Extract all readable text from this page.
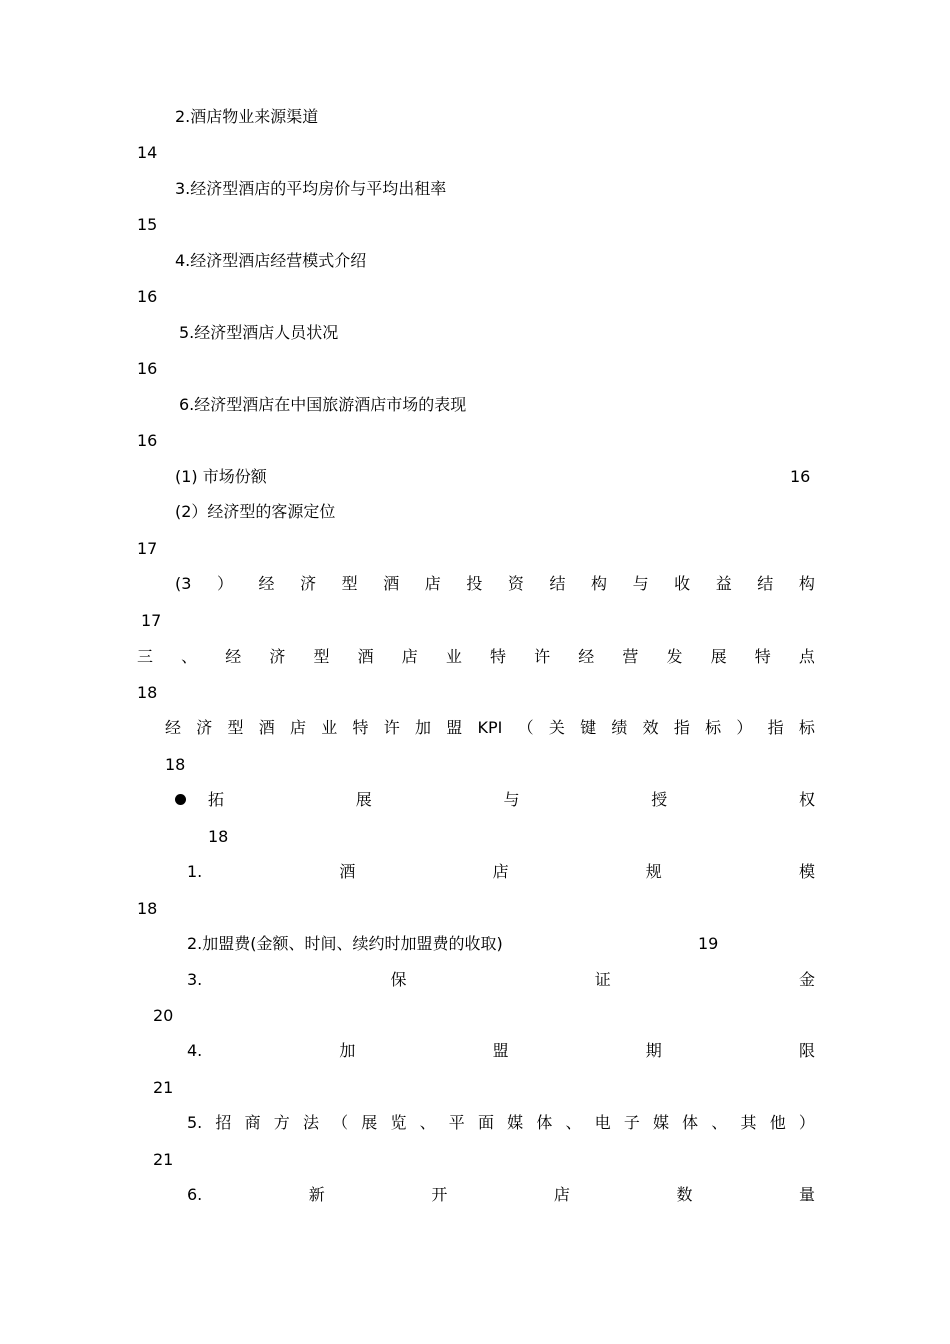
2.酒店物业来源渠道
14
3.经济型酒店的平均房价与平均出租率
15
4.经济型酒店经营模式介绍
16
5.经济型酒店人员状况
16
6.经济型酒店在中国旅游酒店市场的表现
16
(1) 市场份额	16
(2）经济型的客源定位
17
(3 ） 经 济 型 酒 店 投 资 结 构 与 收 益 结 构
17
三 、 经 济 型 酒 店 业 特 许 经 营 发 展 特 点
18
经 济 型 酒 店 业 特 许 加 盟 KPI （ 关 键 绩 效 指 标 ） 指 标
18
拓	展	与	授	权
18
1.	酒	店	规	模
18
2.加盟费(金额、时间、续约时加盟费的收取)	19
3.	保	证	金
20
4.	加	盟	期	限
21
5. 招 商 方 法 （ 展 览 、 平 面 媒 体 、 电 子 媒 体 、 其 他 ）
21
6.	新	开	店	数	量
